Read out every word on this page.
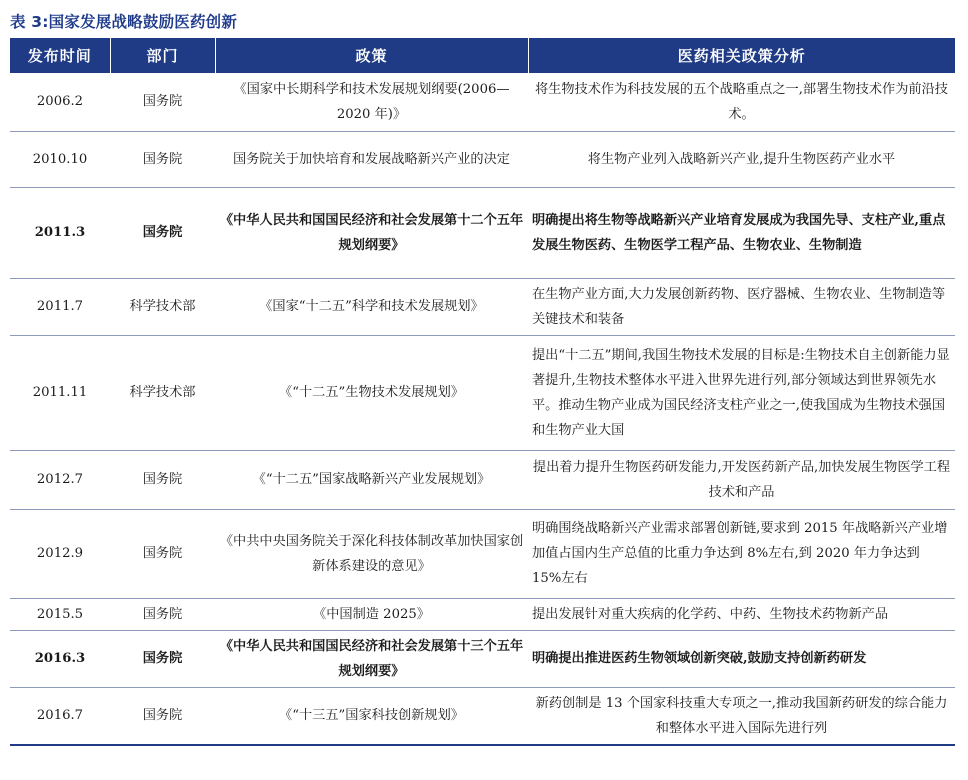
表 3:国家发展战略鼓励医药创新
发布时间	部门	政策	医药相关政策分析
2006.2	国务院	《国家中长期科学和技术发展规划纲要(2006—2020 年)》	将生物技术作为科技发展的五个战略重点之一,部署生物技术作为前沿技术。
2010.10	国务院	国务院关于加快培育和发展战略新兴产业的决定	将生物产业列入战略新兴产业,提升生物医药产业水平
2011.3	国务院	《中华人民共和国国民经济和社会发展第十二个五年规划纲要》	明确提出将生物等战略新兴产业培育发展成为我国先导、支柱产业,重点发展生物医药、生物医学工程产品、生物农业、生物制造
2011.7	科学技术部	《国家“十二五”科学和技术发展规划》	在生物产业方面,大力发展创新药物、医疗器械、生物农业、生物制造等关键技术和装备
2011.11	科学技术部	《“十二五”生物技术发展规划》	提出“十二五”期间,我国生物技术发展的目标是:生物技术自主创新能力显著提升,生物技术整体水平进入世界先进行列,部分领域达到世界领先水平。推动生物产业成为国民经济支柱产业之一,使我国成为生物技术强国和生物产业大国
2012.7	国务院	《“十二五”国家战略新兴产业发展规划》	提出着力提升生物医药研发能力,开发医药新产品,加快发展生物医学工程技术和产品
2012.9	国务院	《中共中央国务院关于深化科技体制改革加快国家创新体系建设的意见》	明确围绕战略新兴产业需求部署创新链,要求到 2015 年战略新兴产业增加值占国内生产总值的比重力争达到 8%左右,到 2020 年力争达到 15%左右
2015.5	国务院	《中国制造 2025》	提出发展针对重大疾病的化学药、中药、生物技术药物新产品
2016.3	国务院	《中华人民共和国国民经济和社会发展第十三个五年规划纲要》	明确提出推进医药生物领域创新突破,鼓励支持创新药研发
2016.7	国务院	《“十三五”国家科技创新规划》	新药创制是 13 个国家科技重大专项之一,推动我国新药研发的综合能力和整体水平进入国际先进行列
